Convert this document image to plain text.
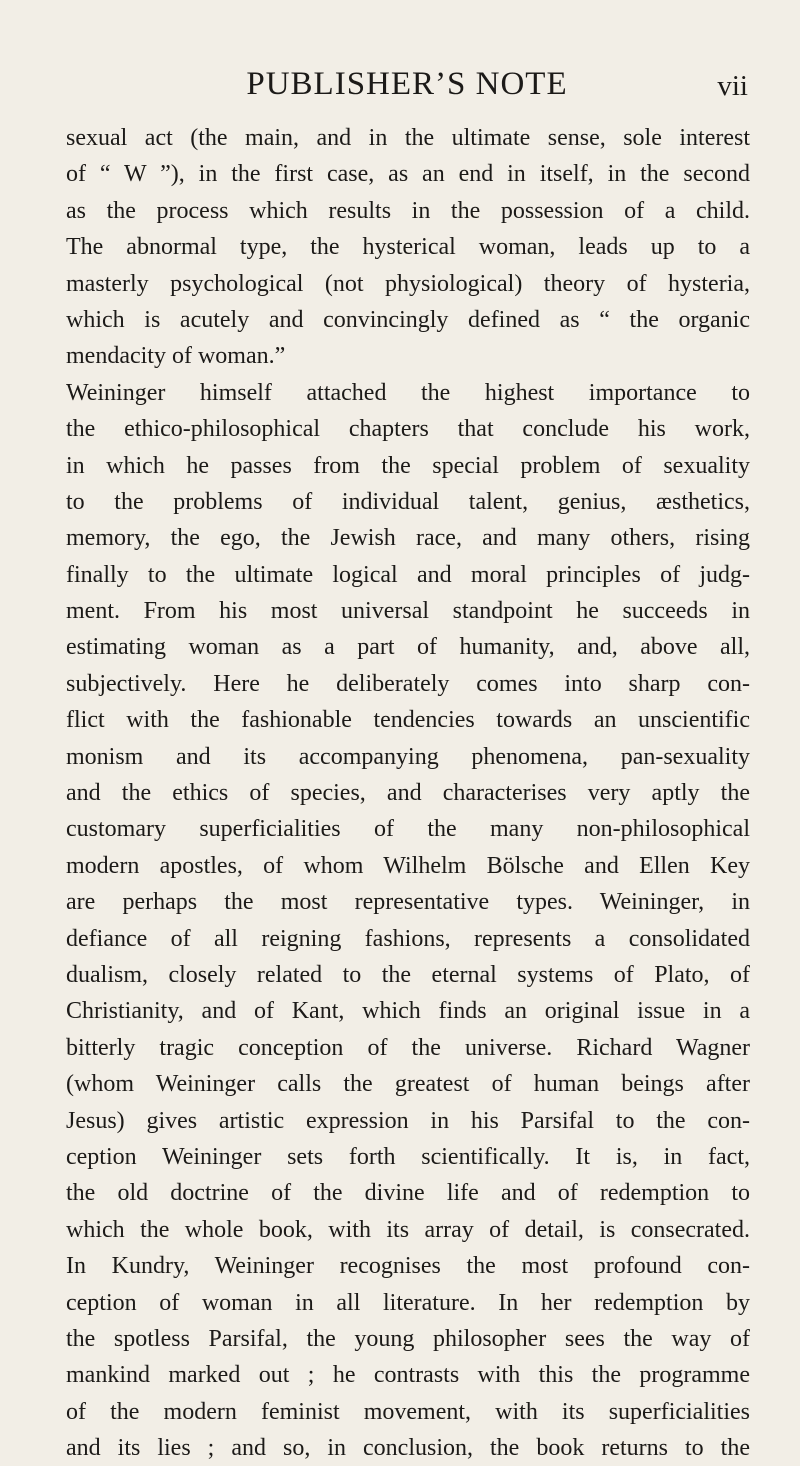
PUBLISHER’S NOTE	vii
sexual act (the main, and in the ultimate sense, sole interest
of “ W ”), in the first case, as an end in itself, in the second
as the process which results in the possession of a child.
The abnormal type, the hysterical woman, leads up to a
masterly psychological (not physiological) theory of hysteria,
which is acutely and convincingly defined as “ the organic
mendacity of woman.”
Weininger himself attached the highest importance to
the ethico-philosophical chapters that conclude his work,
in which he passes from the special problem of sexuality
to the problems of individual talent, genius, æsthetics,
memory, the ego, the Jewish race, and many others, rising
finally to the ultimate logical and moral principles of judg-
ment. From his most universal standpoint he succeeds in
estimating woman as a part of humanity, and, above all,
subjectively. Here he deliberately comes into sharp con-
flict with the fashionable tendencies towards an unscientific
monism and its accompanying phenomena, pan-sexuality
and the ethics of species, and characterises very aptly the
customary superficialities of the many non-philosophical
modern apostles, of whom Wilhelm Bölsche and Ellen Key
are perhaps the most representative types. Weininger, in
defiance of all reigning fashions, represents a consolidated
dualism, closely related to the eternal systems of Plato, of
Christianity, and of Kant, which finds an original issue in a
bitterly tragic conception of the universe. Richard Wagner
(whom Weininger calls the greatest of human beings after
Jesus) gives artistic expression in his Parsifal to the con-
ception Weininger sets forth scientifically. It is, in fact,
the old doctrine of the divine life and of redemption to
which the whole book, with its array of detail, is consecrated.
In Kundry, Weininger recognises the most profound con-
ception of woman in all literature. In her redemption by
the spotless Parsifal, the young philosopher sees the way of
mankind marked out ; he contrasts with this the programme
of the modern feminist movement, with its superficialities
and its lies ; and so, in conclusion, the book returns to the
